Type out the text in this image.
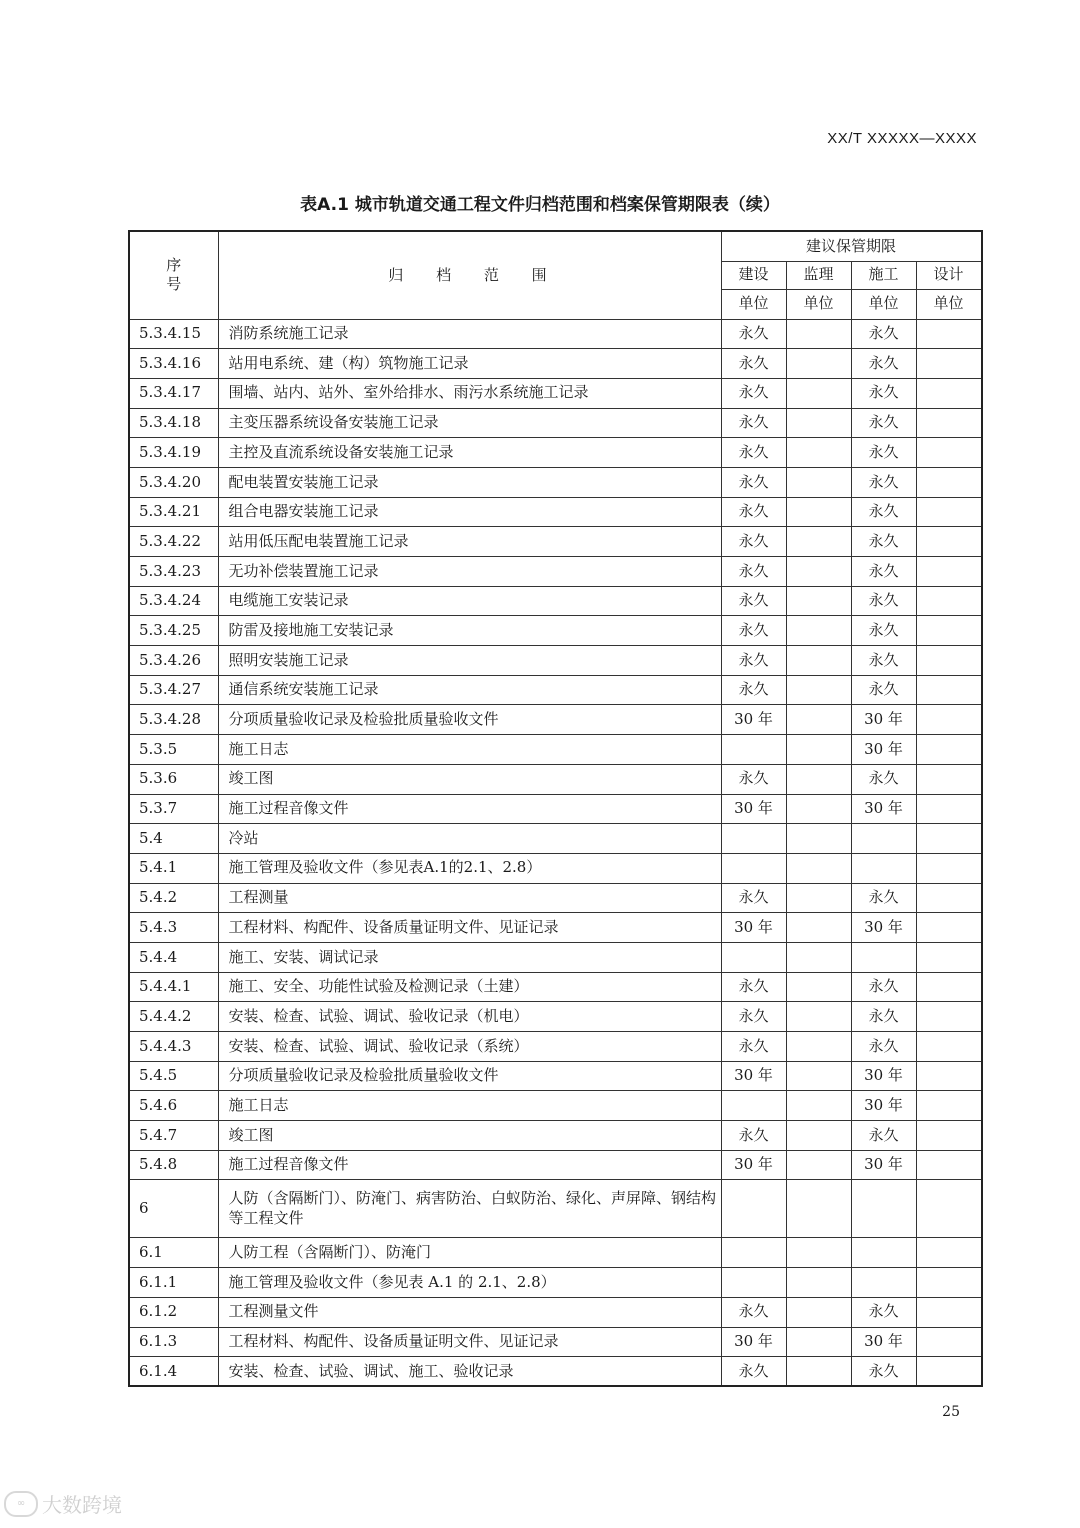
XX/T XXXXX—XXXX
表A.1 城市轨道交通工程文件归档范围和档案保管期限表（续）
序 号	归 档 范 围	建议保管期限			
		建设	监理	施工	设计
		单位	单位	单位	单位
5.3.4.15	消防系统施工记录	永久		永久	
5.3.4.16	站用电系统、建（构）筑物施工记录	永久		永久	
5.3.4.17	围墙、站内、站外、室外给排水、雨污水系统施工记录	永久		永久	
5.3.4.18	主变压器系统设备安装施工记录	永久		永久	
5.3.4.19	主控及直流系统设备安装施工记录	永久		永久	
5.3.4.20	配电装置安装施工记录	永久		永久	
5.3.4.21	组合电器安装施工记录	永久		永久	
5.3.4.22	站用低压配电装置施工记录	永久		永久	
5.3.4.23	无功补偿装置施工记录	永久		永久	
5.3.4.24	电缆施工安装记录	永久		永久	
5.3.4.25	防雷及接地施工安装记录	永久		永久	
5.3.4.26	照明安装施工记录	永久		永久	
5.3.4.27	通信系统安装施工记录	永久		永久	
5.3.4.28	分项质量验收记录及检验批质量验收文件	30 年		30 年	
5.3.5	施工日志			30 年	
5.3.6	竣工图	永久		永久	
5.3.7	施工过程音像文件	30 年		30 年	
5.4	冷站				
5.4.1	施工管理及验收文件（参见表A.1的2.1、2.8）				
5.4.2	工程测量	永久		永久	
5.4.3	工程材料、构配件、设备质量证明文件、见证记录	30 年		30 年	
5.4.4	施工、安装、调试记录				
5.4.4.1	施工、安全、功能性试验及检测记录（土建）	永久		永久	
5.4.4.2	安装、检查、试验、调试、验收记录（机电）	永久		永久	
5.4.4.3	安装、检查、试验、调试、验收记录（系统）	永久		永久	
5.4.5	分项质量验收记录及检验批质量验收文件	30 年		30 年	
5.4.6	施工日志			30 年	
5.4.7	竣工图	永久		永久	
5.4.8	施工过程音像文件	30 年		30 年	
6	人防（含隔断门）、防淹门、病害防治、白蚁防治、绿化、声屏障、钢结构等工程文件				
6.1	人防工程（含隔断门）、防淹门				
6.1.1	施工管理及验收文件（参见表 A.1 的 2.1、2.8）				
6.1.2	工程测量文件	永久		永久	
6.1.3	工程材料、构配件、设备质量证明文件、见证记录	30 年		30 年	
6.1.4	安装、检查、试验、调试、施工、验收记录	永久		永久	
25
∞ 大数跨境
